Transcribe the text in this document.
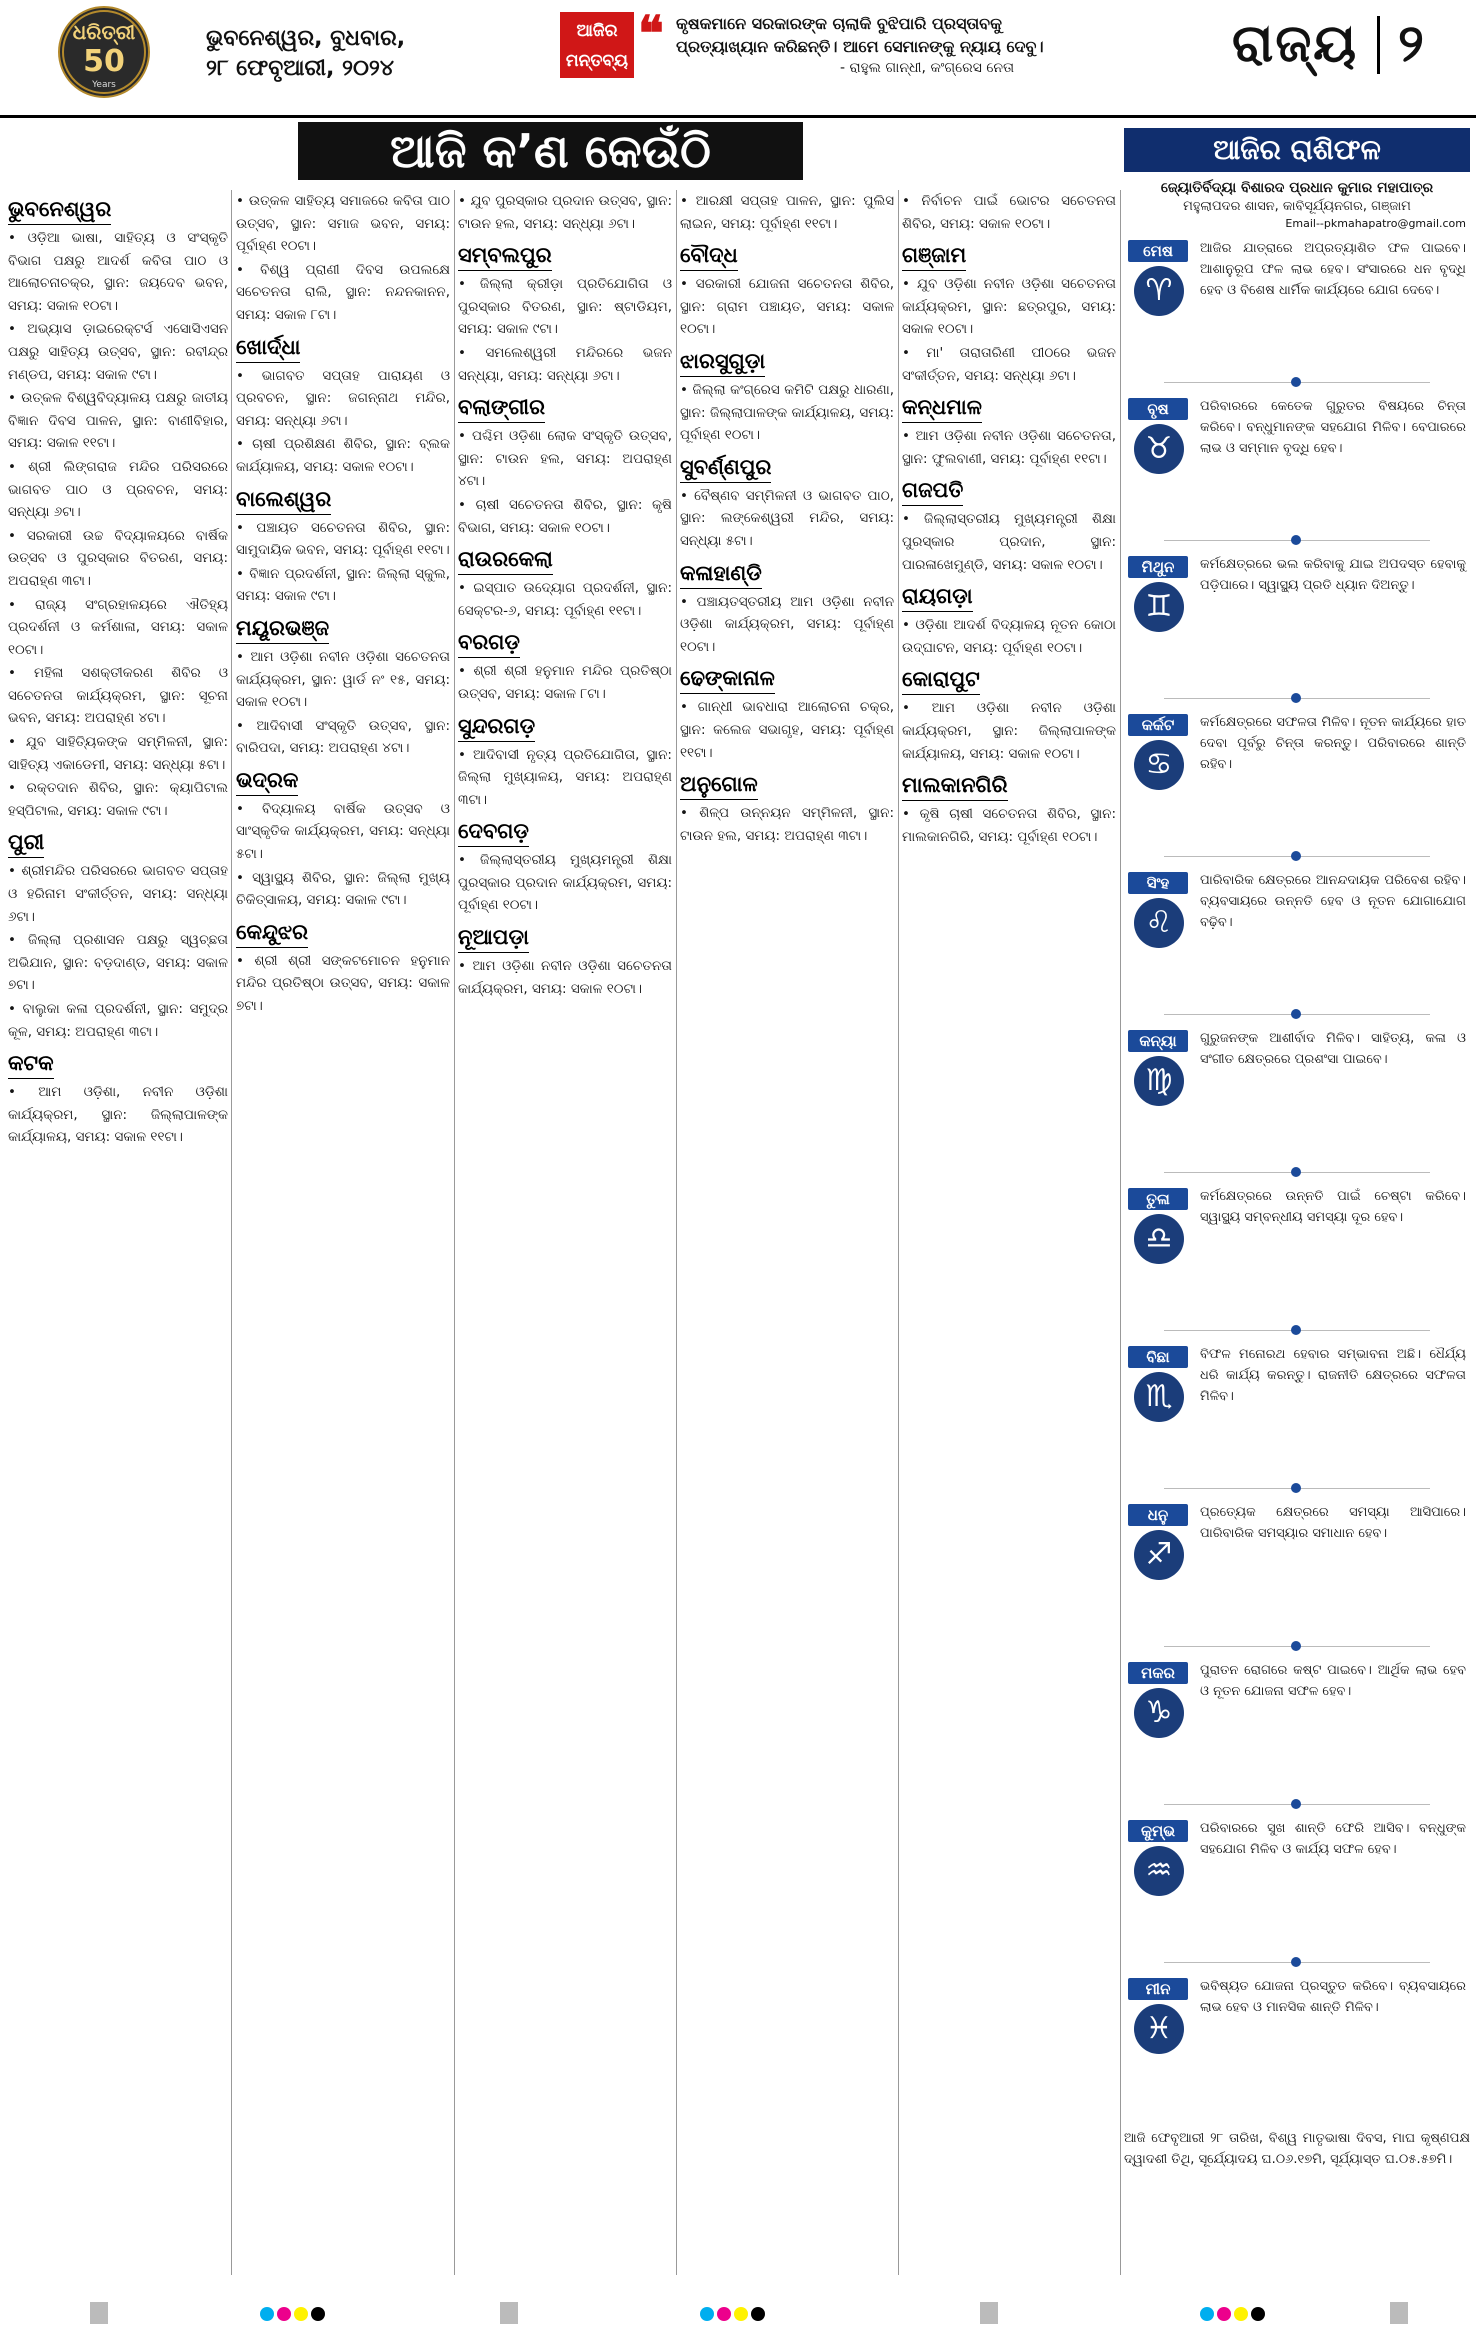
ଧରିତ୍ରୀ
50
Years
ଭୁବନେଶ୍ୱର, ବୁଧବାର,
୨୮ ଫେବୃଆରୀ, ୨୦୨୪
ଆଜିର ମନ୍ତବ୍ୟ ❝ କୃଷକମାନେ ସରକାରଙ୍କ ଚାଲାକି ବୁଝିପାରି ପ୍ରସ୍ତାବକୁ ପ୍ରତ୍ୟାଖ୍ୟାନ କରିଛନ୍ତି। ଆମେ ସେମାନଙ୍କୁ ନ୍ୟାୟ ଦେବୁ।
- ରାହୁଲ ଗାନ୍ଧୀ, କଂଗ୍ରେସ ନେତା	ରାଜ୍ୟ ୨
ଆଜି କ’ଣ କେଉଁଠି
ଭୁବନେଶ୍ୱର
• ଓଡ଼ିଆ ଭାଷା, ସାହିତ୍ୟ ଓ ସଂସ୍କୃତି ବିଭାଗ ପକ୍ଷରୁ ଆଦର୍ଶ କବିତା ପାଠ ଓ ଆଲୋଚନାଚକ୍ର, ସ୍ଥାନ: ଜୟଦେବ ଭବନ, ସମୟ: ସକାଳ ୧୦ଟା।
• ଅଭ୍ୟାସ ଡ଼ାଇରେକ୍ଟର୍ସ ଏସୋସିଏସନ ପକ୍ଷରୁ ସାହିତ୍ୟ ଉତ୍ସବ, ସ୍ଥାନ: ରବୀନ୍ଦ୍ର ମଣ୍ଡପ, ସମୟ: ସକାଳ ୯ଟା।
• ଉତ୍କଳ ବିଶ୍ୱବିଦ୍ୟାଳୟ ପକ୍ଷରୁ ଜାତୀୟ ବିଜ୍ଞାନ ଦିବସ ପାଳନ, ସ୍ଥାନ: ବାଣୀବିହାର, ସମୟ: ସକାଳ ୧୧ଟା।
• ଶ୍ରୀ ଲିଙ୍ଗରାଜ ମନ୍ଦିର ପରିସରରେ ଭାଗବତ ପାଠ ଓ ପ୍ରବଚନ, ସମୟ: ସନ୍ଧ୍ୟା ୬ଟା।
• ସରକାରୀ ଉଚ୍ଚ ବିଦ୍ୟାଳୟରେ ବାର୍ଷିକ ଉତ୍ସବ ଓ ପୁରସ୍କାର ବିତରଣ, ସମୟ: ଅପରାହ୍ଣ ୩ଟା।
• ରାଜ୍ୟ ସଂଗ୍ରହାଳୟରେ ଐତିହ୍ୟ ପ୍ରଦର୍ଶନୀ ଓ କର୍ମଶାଳା, ସମୟ: ସକାଳ ୧୦ଟା।
• ମହିଳା ସଶକ୍ତୀକରଣ ଶିବିର ଓ ସଚେତନତା କାର୍ଯ୍ୟକ୍ରମ, ସ୍ଥାନ: ସୂଚନା ଭବନ, ସମୟ: ଅପରାହ୍ଣ ୪ଟା।
• ଯୁବ ସାହିତ୍ୟିକଙ୍କ ସମ୍ମିଳନୀ, ସ୍ଥାନ: ସାହିତ୍ୟ ଏକାଡେମୀ, ସମୟ: ସନ୍ଧ୍ୟା ୫ଟା।
• ରକ୍ତଦାନ ଶିବିର, ସ୍ଥାନ: କ୍ୟାପିଟାଲ ହସ୍ପିଟାଲ, ସମୟ: ସକାଳ ୯ଟା।
ପୁରୀ
• ଶ୍ରୀମନ୍ଦିର ପରିସରରେ ଭାଗବତ ସପ୍ତାହ ଓ ହରିନାମ ସଂକୀର୍ତ୍ତନ, ସମୟ: ସନ୍ଧ୍ୟା ୬ଟା।
• ଜିଲ୍ଲା ପ୍ରଶାସନ ପକ୍ଷରୁ ସ୍ୱଚ୍ଛତା ଅଭିଯାନ, ସ୍ଥାନ: ବଡ଼ଦାଣ୍ଡ, ସମୟ: ସକାଳ ୭ଟା।
• ବାଲୁକା କଳା ପ୍ରଦର୍ଶନୀ, ସ୍ଥାନ: ସମୁଦ୍ର କୂଳ, ସମୟ: ଅପରାହ୍ଣ ୩ଟା।
କଟକ
• ଆମ ଓଡ଼ିଶା, ନବୀନ ଓଡ଼ିଶା କାର୍ଯ୍ୟକ୍ରମ, ସ୍ଥାନ: ଜିଲ୍ଲାପାଳଙ୍କ କାର୍ଯ୍ୟାଳୟ, ସମୟ: ସକାଳ ୧୧ଟା।
• ଉତ୍କଳ ସାହିତ୍ୟ ସମାଜରେ କବିତା ପାଠ ଉତ୍ସବ, ସ୍ଥାନ: ସମାଜ ଭବନ, ସମୟ: ପୂର୍ବାହ୍ଣ ୧୦ଟା।
• ବିଶ୍ୱ ପ୍ରାଣୀ ଦିବସ ଉପଲକ୍ଷେ ସଚେତନତା ରାଲି, ସ୍ଥାନ: ନନ୍ଦନକାନନ, ସମୟ: ସକାଳ ୮ଟା।
ଖୋର୍ଦ୍ଧା
• ଭାଗବତ ସପ୍ତାହ ପାରାୟଣ ଓ ପ୍ରବଚନ, ସ୍ଥାନ: ଜଗନ୍ନାଥ ମନ୍ଦିର, ସମୟ: ସନ୍ଧ୍ୟା ୬ଟା।
• ଚାଷୀ ପ୍ରଶିକ୍ଷଣ ଶିବିର, ସ୍ଥାନ: ବ୍ଲକ କାର୍ଯ୍ୟାଳୟ, ସମୟ: ସକାଳ ୧୦ଟା।
ବାଲେଶ୍ୱର
• ପଞ୍ଚାୟତ ସଚେତନତା ଶିବିର, ସ୍ଥାନ: ସାମୁଦାୟିକ ଭବନ, ସମୟ: ପୂର୍ବାହ୍ଣ ୧୧ଟା।
• ବିଜ୍ଞାନ ପ୍ରଦର୍ଶନୀ, ସ୍ଥାନ: ଜିଲ୍ଲା ସ୍କୁଲ, ସମୟ: ସକାଳ ୯ଟା।
ମୟୂରଭଞ୍ଜ
• ଆମ ଓଡ଼ିଶା ନବୀନ ଓଡ଼ିଶା ସଚେତନତା କାର୍ଯ୍ୟକ୍ରମ, ସ୍ଥାନ: ୱାର୍ଡ ନଂ ୧୫, ସମୟ: ସକାଳ ୧୦ଟା।
• ଆଦିବାସୀ ସଂସ୍କୃତି ଉତ୍ସବ, ସ୍ଥାନ: ବାରିପଦା, ସମୟ: ଅପରାହ୍ଣ ୪ଟା।
ଭଦ୍ରକ
• ବିଦ୍ୟାଳୟ ବାର୍ଷିକ ଉତ୍ସବ ଓ ସାଂସ୍କୃତିକ କାର୍ଯ୍ୟକ୍ରମ, ସମୟ: ସନ୍ଧ୍ୟା ୫ଟା।
• ସ୍ୱାସ୍ଥ୍ୟ ଶିବିର, ସ୍ଥାନ: ଜିଲ୍ଲା ମୁଖ୍ୟ ଚିକିତ୍ସାଳୟ, ସମୟ: ସକାଳ ୯ଟା।
କେନ୍ଦୁଝର
• ଶ୍ରୀ ଶ୍ରୀ ସଙ୍କଟମୋଚନ ହନୁମାନ ମନ୍ଦିର ପ୍ରତିଷ୍ଠା ଉତ୍ସବ, ସମୟ: ସକାଳ ୭ଟା।
• ଯୁବ ପୁରସ୍କାର ପ୍ରଦାନ ଉତ୍ସବ, ସ୍ଥାନ: ଟାଉନ ହଲ, ସମୟ: ସନ୍ଧ୍ୟା ୬ଟା।
ସମ୍ବଲପୁର
• ଜିଲ୍ଲା କ୍ରୀଡ଼ା ପ୍ରତିଯୋଗିତା ଓ ପୁରସ୍କାର ବିତରଣ, ସ୍ଥାନ: ଷ୍ଟାଡିୟମ, ସମୟ: ସକାଳ ୯ଟା।
• ସମଲେଶ୍ୱରୀ ମନ୍ଦିରରେ ଭଜନ ସନ୍ଧ୍ୟା, ସମୟ: ସନ୍ଧ୍ୟା ୬ଟା।
ବଲାଙ୍ଗୀର
• ପଶ୍ଚିମ ଓଡ଼ିଶା ଲୋକ ସଂସ୍କୃତି ଉତ୍ସବ, ସ୍ଥାନ: ଟାଉନ ହଲ, ସମୟ: ଅପରାହ୍ଣ ୪ଟା।
• ଚାଷୀ ସଚେତନତା ଶିବିର, ସ୍ଥାନ: କୃଷି ବିଭାଗ, ସମୟ: ସକାଳ ୧୦ଟା।
ରାଉରକେଲା
• ଇସ୍ପାତ ଉଦ୍ୟୋଗ ପ୍ରଦର୍ଶନୀ, ସ୍ଥାନ: ସେକ୍ଟର-୬, ସମୟ: ପୂର୍ବାହ୍ଣ ୧୧ଟା।
ବରଗଡ଼
• ଶ୍ରୀ ଶ୍ରୀ ହନୁମାନ ମନ୍ଦିର ପ୍ରତିଷ୍ଠା ଉତ୍ସବ, ସମୟ: ସକାଳ ୮ଟା।
ସୁନ୍ଦରଗଡ଼
• ଆଦିବାସୀ ନୃତ୍ୟ ପ୍ରତିଯୋଗିତା, ସ୍ଥାନ: ଜିଲ୍ଲା ମୁଖ୍ୟାଳୟ, ସମୟ: ଅପରାହ୍ଣ ୩ଟା।
ଦେବଗଡ଼
• ଜିଲ୍ଲାସ୍ତରୀୟ ମୁଖ୍ୟମନ୍ତ୍ରୀ ଶିକ୍ଷା ପୁରସ୍କାର ପ୍ରଦାନ କାର୍ଯ୍ୟକ୍ରମ, ସମୟ: ପୂର୍ବାହ୍ଣ ୧୦ଟା।
ନୂଆପଡ଼ା
• ଆମ ଓଡ଼ିଶା ନବୀନ ଓଡ଼ିଶା ସଚେତନତା କାର୍ଯ୍ୟକ୍ରମ, ସମୟ: ସକାଳ ୧୦ଟା।
• ଆରକ୍ଷୀ ସପ୍ତାହ ପାଳନ, ସ୍ଥାନ: ପୁଲିସ ଲାଇନ, ସମୟ: ପୂର୍ବାହ୍ଣ ୧୧ଟା।
ବୌଦ୍ଧ
• ସରକାରୀ ଯୋଜନା ସଚେତନତା ଶିବିର, ସ୍ଥାନ: ଗ୍ରାମ ପଞ୍ଚାୟତ, ସମୟ: ସକାଳ ୧୦ଟା।
ଝାରସୁଗୁଡ଼ା
• ଜିଲ୍ଲା କଂଗ୍ରେସ କମିଟି ପକ୍ଷରୁ ଧାରଣା, ସ୍ଥାନ: ଜିଲ୍ଲାପାଳଙ୍କ କାର୍ଯ୍ୟାଳୟ, ସମୟ: ପୂର୍ବାହ୍ଣ ୧୦ଟା।
ସୁବର୍ଣ୍ଣପୁର
• ବୈଷ୍ଣବ ସମ୍ମିଳନୀ ଓ ଭାଗବତ ପାଠ, ସ୍ଥାନ: ଲଙ୍କେଶ୍ୱରୀ ମନ୍ଦିର, ସମୟ: ସନ୍ଧ୍ୟା ୫ଟା।
କଳାହାଣ୍ଡି
• ପଞ୍ଚାୟତସ୍ତରୀୟ ଆମ ଓଡ଼ିଶା ନବୀନ ଓଡ଼ିଶା କାର୍ଯ୍ୟକ୍ରମ, ସମୟ: ପୂର୍ବାହ୍ଣ ୧୦ଟା।
ଢେଙ୍କାନାଳ
• ଗାନ୍ଧୀ ଭାବଧାରା ଆଲୋଚନା ଚକ୍ର, ସ୍ଥାନ: କଲେଜ ସଭାଗୃହ, ସମୟ: ପୂର୍ବାହ୍ଣ ୧୧ଟା।
ଅନୁଗୋଳ
• ଶିଳ୍ପ ଉନ୍ନୟନ ସମ୍ମିଳନୀ, ସ୍ଥାନ: ଟାଉନ ହଲ, ସମୟ: ଅପରାହ୍ଣ ୩ଟା।
• ନିର୍ବାଚନ ପାଇଁ ଭୋଟର ସଚେତନତା ଶିବିର, ସମୟ: ସକାଳ ୧୦ଟା।
ଗଞ୍ଜାମ
• ଯୁବ ଓଡ଼ିଶା ନବୀନ ଓଡ଼ିଶା ସଚେତନତା କାର୍ଯ୍ୟକ୍ରମ, ସ୍ଥାନ: ଛତ୍ରପୁର, ସମୟ: ସକାଳ ୧୦ଟା।
• ମା' ତାରାତାରିଣୀ ପୀଠରେ ଭଜନ ସଂକୀର୍ତ୍ତନ, ସମୟ: ସନ୍ଧ୍ୟା ୬ଟା।
କନ୍ଧମାଳ
• ଆମ ଓଡ଼ିଶା ନବୀନ ଓଡ଼ିଶା ସଚେତନତା, ସ୍ଥାନ: ଫୁଲବାଣୀ, ସମୟ: ପୂର୍ବାହ୍ଣ ୧୧ଟା।
ଗଜପତି
• ଜିଲ୍ଲାସ୍ତରୀୟ ମୁଖ୍ୟମନ୍ତ୍ରୀ ଶିକ୍ଷା ପୁରସ୍କାର ପ୍ରଦାନ, ସ୍ଥାନ: ପାରଳାଖେମୁଣ୍ଡି, ସମୟ: ସକାଳ ୧୦ଟା।
ରାୟଗଡ଼ା
• ଓଡ଼ିଶା ଆଦର୍ଶ ବିଦ୍ୟାଳୟ ନୂତନ କୋଠା ଉଦ୍‌ଘାଟନ, ସମୟ: ପୂର୍ବାହ୍ଣ ୧୦ଟା।
କୋରାପୁଟ
• ଆମ ଓଡ଼ିଶା ନବୀନ ଓଡ଼ିଶା କାର୍ଯ୍ୟକ୍ରମ, ସ୍ଥାନ: ଜିଲ୍ଲାପାଳଙ୍କ କାର୍ଯ୍ୟାଳୟ, ସମୟ: ସକାଳ ୧୦ଟା।
ମାଲକାନଗିରି
• କୃଷି ଚାଷୀ ସଚେତନତା ଶିବିର, ସ୍ଥାନ: ମାଲକାନଗିରି, ସମୟ: ପୂର୍ବାହ୍ଣ ୧୦ଟା।
ଆଜିର ରାଶିଫଳ
ଜ୍ୟୋତିର୍ବିଦ୍ୟା ବିଶାରଦ ପ୍ରଧାନ କୁମାର ମହାପାତ୍ର
ମହୁଲାପଦର ଶାସନ, କାବିସୂର୍ଯ୍ୟନଗର, ଗଞ୍ଜାମ
Email--pkmahapatro@gmail.com
ମେଷ
♈
ଆଜିର ଯାତ୍ରାରେ ଅପ୍ରତ୍ୟାଶିତ ଫଳ ପାଇବେ। ଆଶାନୁରୂପ ଫଳ ଲାଭ ହେବ। ସଂସାରରେ ଧନ ବୃଦ୍ଧି ହେବ ଓ ବିଶେଷ ଧାର୍ମିକ କାର୍ଯ୍ୟରେ ଯୋଗ ଦେବେ।
ବୃଷ
♉
ପରିବାରରେ କେତେକ ଗୁରୁତର ବିଷୟରେ ଚିନ୍ତା କରିବେ। ବନ୍ଧୁମାନଙ୍କ ସହଯୋଗ ମିଳିବ। ବେପାରରେ ଲାଭ ଓ ସମ୍ମାନ ବୃଦ୍ଧି ହେବ।
ମିଥୁନ
♊
କର୍ମକ୍ଷେତ୍ରରେ ଭଲ କରିବାକୁ ଯାଇ ଅପଦସ୍ତ ହେବାକୁ ପଡ଼ିପାରେ। ସ୍ୱାସ୍ଥ୍ୟ ପ୍ରତି ଧ୍ୟାନ ଦିଅନ୍ତୁ।
କର୍କଟ
♋
କର୍ମକ୍ଷେତ୍ରରେ ସଫଳତା ମିଳିବ। ନୂତନ କାର୍ଯ୍ୟରେ ହାତ ଦେବା ପୂର୍ବରୁ ଚିନ୍ତା କରନ୍ତୁ। ପରିବାରରେ ଶାନ୍ତି ରହିବ।
ସିଂହ
♌
ପାରିବାରିକ କ୍ଷେତ୍ରରେ ଆନନ୍ଦଦାୟକ ପରିବେଶ ରହିବ। ବ୍ୟବସାୟରେ ଉନ୍ନତି ହେବ ଓ ନୂତନ ଯୋଗାଯୋଗ ବଢ଼ିବ।
କନ୍ୟା
♍
ଗୁରୁଜନଙ୍କ ଆଶୀର୍ବାଦ ମିଳିବ। ସାହିତ୍ୟ, କଳା ଓ ସଂଗୀତ କ୍ଷେତ୍ରରେ ପ୍ରଶଂସା ପାଇବେ।
ତୁଳା
♎
କର୍ମକ୍ଷେତ୍ରରେ ଉନ୍ନତି ପାଇଁ ଚେଷ୍ଟା କରିବେ। ସ୍ୱାସ୍ଥ୍ୟ ସମ୍ବନ୍ଧୀୟ ସମସ୍ୟା ଦୂର ହେବ।
ବିଛା
♏
ବିଫଳ ମନୋରଥ ହେବାର ସମ୍ଭାବନା ଅଛି। ଧୈର୍ଯ୍ୟ ଧରି କାର୍ଯ୍ୟ କରନ୍ତୁ। ରାଜନୀତି କ୍ଷେତ୍ରରେ ସଫଳତା ମିଳିବ।
ଧନୁ
♐
ପ୍ରତ୍ୟେକ କ୍ଷେତ୍ରରେ ସମସ୍ୟା ଆସିପାରେ। ପାରିବାରିକ ସମସ୍ୟାର ସମାଧାନ ହେବ।
ମକର
♑
ପୁରାତନ ରୋଗରେ କଷ୍ଟ ପାଇବେ। ଆର୍ଥିକ ଲାଭ ହେବ ଓ ନୂତନ ଯୋଜନା ସଫଳ ହେବ।
କୁମ୍ଭ
♒
ପରିବାରରେ ସୁଖ ଶାନ୍ତି ଫେରି ଆସିବ। ବନ୍ଧୁଙ୍କ ସହଯୋଗ ମିଳିବ ଓ କାର୍ଯ୍ୟ ସଫଳ ହେବ।
ମୀନ
♓
ଭବିଷ୍ୟତ ଯୋଜନା ପ୍ରସ୍ତୁତ କରିବେ। ବ୍ୟବସାୟରେ ଲାଭ ହେବ ଓ ମାନସିକ ଶାନ୍ତି ମିଳିବ।
ଆଜି ଫେବୃଆରୀ ୨୮ ତାରିଖ, ବିଶ୍ୱ ମାତୃଭାଷା ଦିବସ, ମାଘ କୃଷ୍ଣପକ୍ଷ ଦ୍ୱାଦଶୀ ତିଥି, ସୂର୍ଯ୍ୟୋଦୟ ଘ.୦୬.୧୭ମି, ସୂର୍ଯ୍ୟାସ୍ତ ଘ.୦୫.୫୭ମି।
